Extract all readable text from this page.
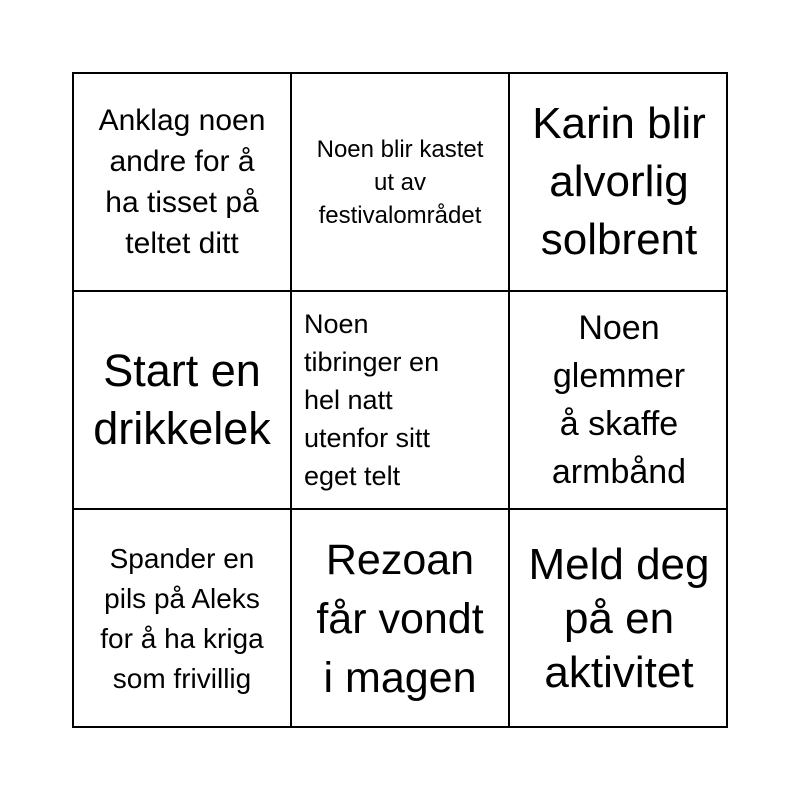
Anklag noen
andre for å
ha tisset på
teltet ditt
Noen blir kastet
ut av
festivalområdet
Karin blir
alvorlig
solbrent
Start en
drikkelek
Noen
tibringer en
hel natt
utenfor sitt
eget telt
Noen
glemmer
å skaffe
armbånd
Spander en
pils på Aleks
for å ha kriga
som frivillig
Rezoan
får vondt
i magen
Meld deg
på en
aktivitet
